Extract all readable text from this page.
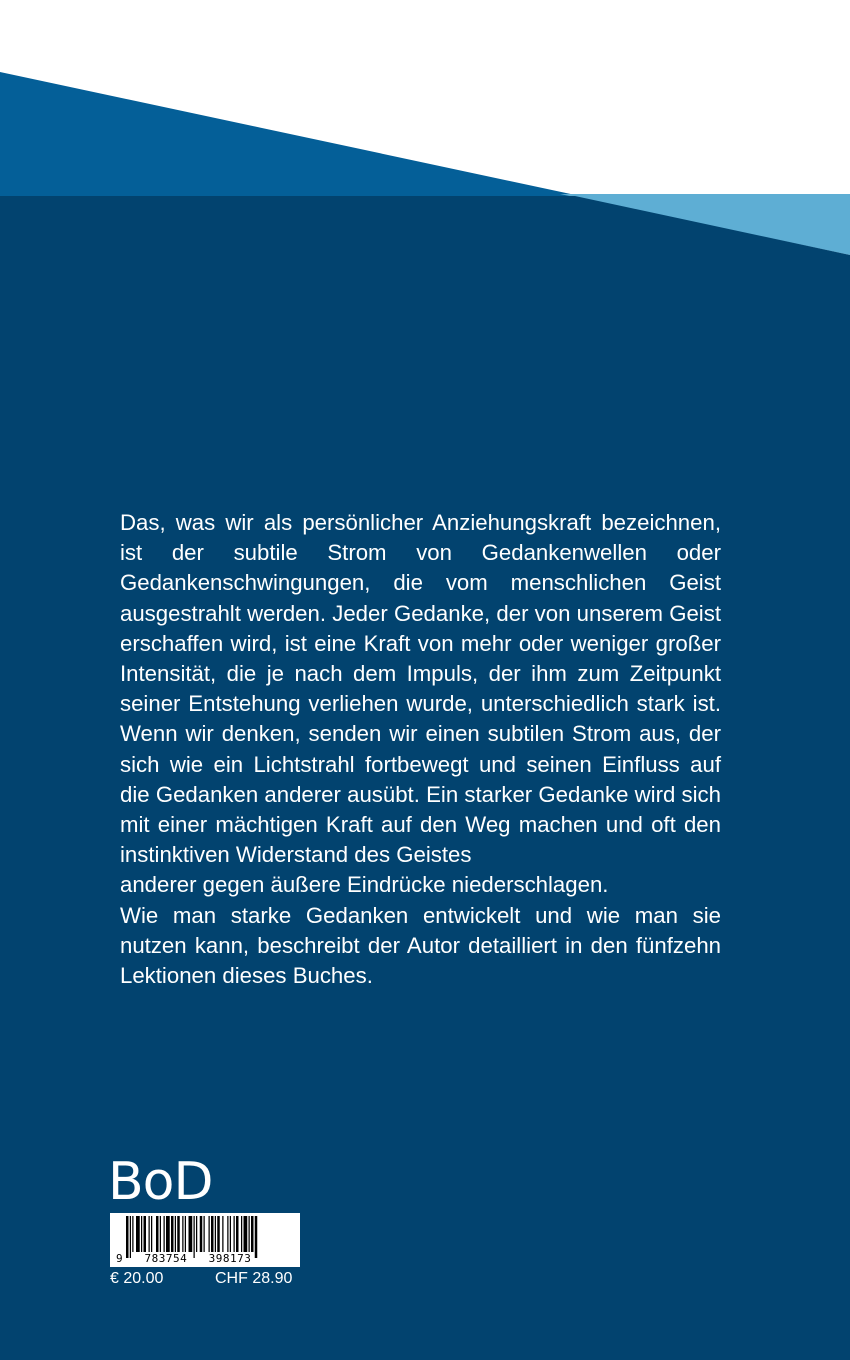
Das, was wir als persönlicher Anziehungskraft bezeichnen, ist der subtile Strom von Gedankenwellen oder Gedankenschwingungen, die vom menschlichen Geist ausgestrahlt werden. Jeder Gedanke, der von unserem Geist erschaffen wird, ist eine Kraft von mehr oder weniger großer Intensität, die je nach dem Impuls, der ihm zum Zeitpunkt seiner Entstehung verliehen wurde, unterschiedlich stark ist. Wenn wir denken, senden wir einen subtilen Strom aus, der sich wie ein Lichtstrahl fortbewegt und seinen Einfluss auf die Gedanken anderer ausübt. Ein starker Gedanke wird sich mit einer mächtigen Kraft auf den Weg machen und oft den instinktiven Widerstand des Geistes

anderer gegen äußere Eindrücke niederschlagen.

Wie man starke Gedanken entwickelt und wie man sie nutzen kann, beschreibt der Autor detailliert in den fünfzehn Lektionen dieses Buches.

BoD
9   783754   398173
€ 20.00	CHF 28.90
